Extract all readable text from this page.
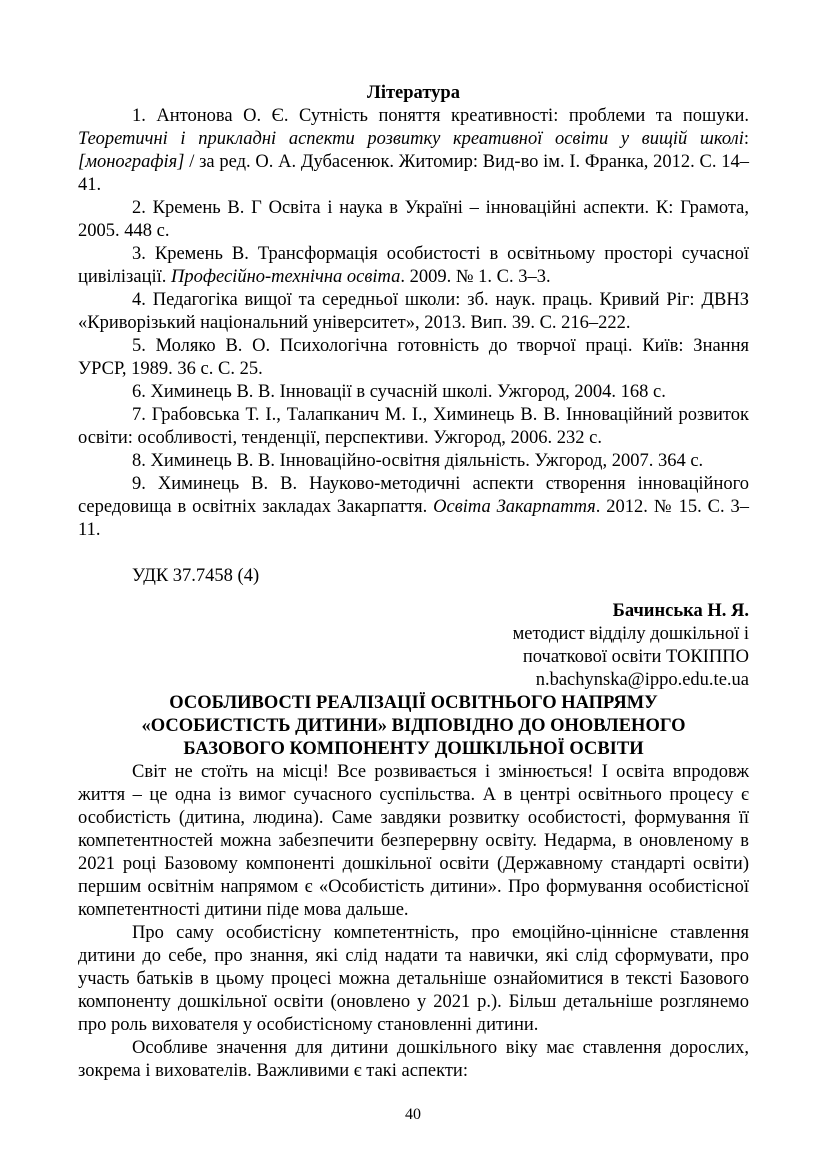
Література

1. Антонова О. Є. Сутність поняття креативності: проблеми та пошуки. Теоретичні і прикладні аспекти розвитку креативної освіти у вищій школі: [монографія] / за ред. О. А. Дубасенюк. Житомир: Вид-во ім. І. Франка, 2012. С. 14–41.

2. Кремень В. Г Освіта і наука в Україні – інноваційні аспекти. К: Грамота, 2005. 448 с.

3. Кремень В. Трансформація особистості в освітньому просторі сучасної цивілізації. Професійно-технічна освіта. 2009. № 1. С. 3–3.

4. Педагогіка вищої та середньої школи: зб. наук. праць. Кривий Ріг: ДВНЗ «Криворізький національний університет», 2013. Вип. 39. С. 216–222.

5. Моляко В. О. Психологічна готовність до творчої праці. Київ: Знання УРСР, 1989. 36 с. С. 25.

6. Химинець В. В. Інновації в сучасній школі. Ужгород, 2004. 168 с.

7. Грабовська Т. І., Талапканич М. І., Химинець В. В. Інноваційний розвиток освіти: особливості, тенденції, перспективи. Ужгород, 2006. 232 с.

8. Химинець В. В. Інноваційно-освітня діяльність. Ужгород, 2007. 364 с.

9. Химинець В. В. Науково-методичні аспекти створення інноваційного середовища в освітніх закладах Закарпаття. Освіта Закарпаття. 2012. № 15. С. 3–11.

УДК 37.7458 (4)

Бачинська Н. Я.

методист відділу дошкільної і

початкової освіти ТОКІППО

n.bachynska@ippo.edu.te.ua

ОСОБЛИВОСТІ РЕАЛІЗАЦІЇ ОСВІТНЬОГО НАПРЯМУ

«ОСОБИСТІСТЬ ДИТИНИ» ВІДПОВІДНО ДО ОНОВЛЕНОГО

БАЗОВОГО КОМПОНЕНТУ ДОШКІЛЬНОЇ ОСВІТИ

Світ не стоїть на місці! Все розвивається і змінюється! І освіта впродовж життя – це одна із вимог сучасного суспільства. А в центрі освітнього процесу є особистість (дитина, людина). Саме завдяки розвитку особистості, формування її компетентностей можна забезпечити безперервну освіту. Недарма, в оновленому в 2021 році Базовому компоненті дошкільної освіти (Державному стандарті освіти) першим освітнім напрямом є «Особистість дитини». Про формування особистісної компетентності дитини піде мова дальше.

Про саму особистісну компетентність, про емоційно-ціннісне ставлення дитини до себе, про знання, які слід надати та навички, які слід сформувати, про участь батьків в цьому процесі можна детальніше ознайомитися в тексті Базового компоненту дошкільної освіти (оновлено у 2021 р.). Більш детальніше розглянемо про роль вихователя у особистісному становленні дитини.

Особливе значення для дитини дошкільного віку має ставлення дорослих, зокрема і вихователів. Важливими є такі аспекти:

40
